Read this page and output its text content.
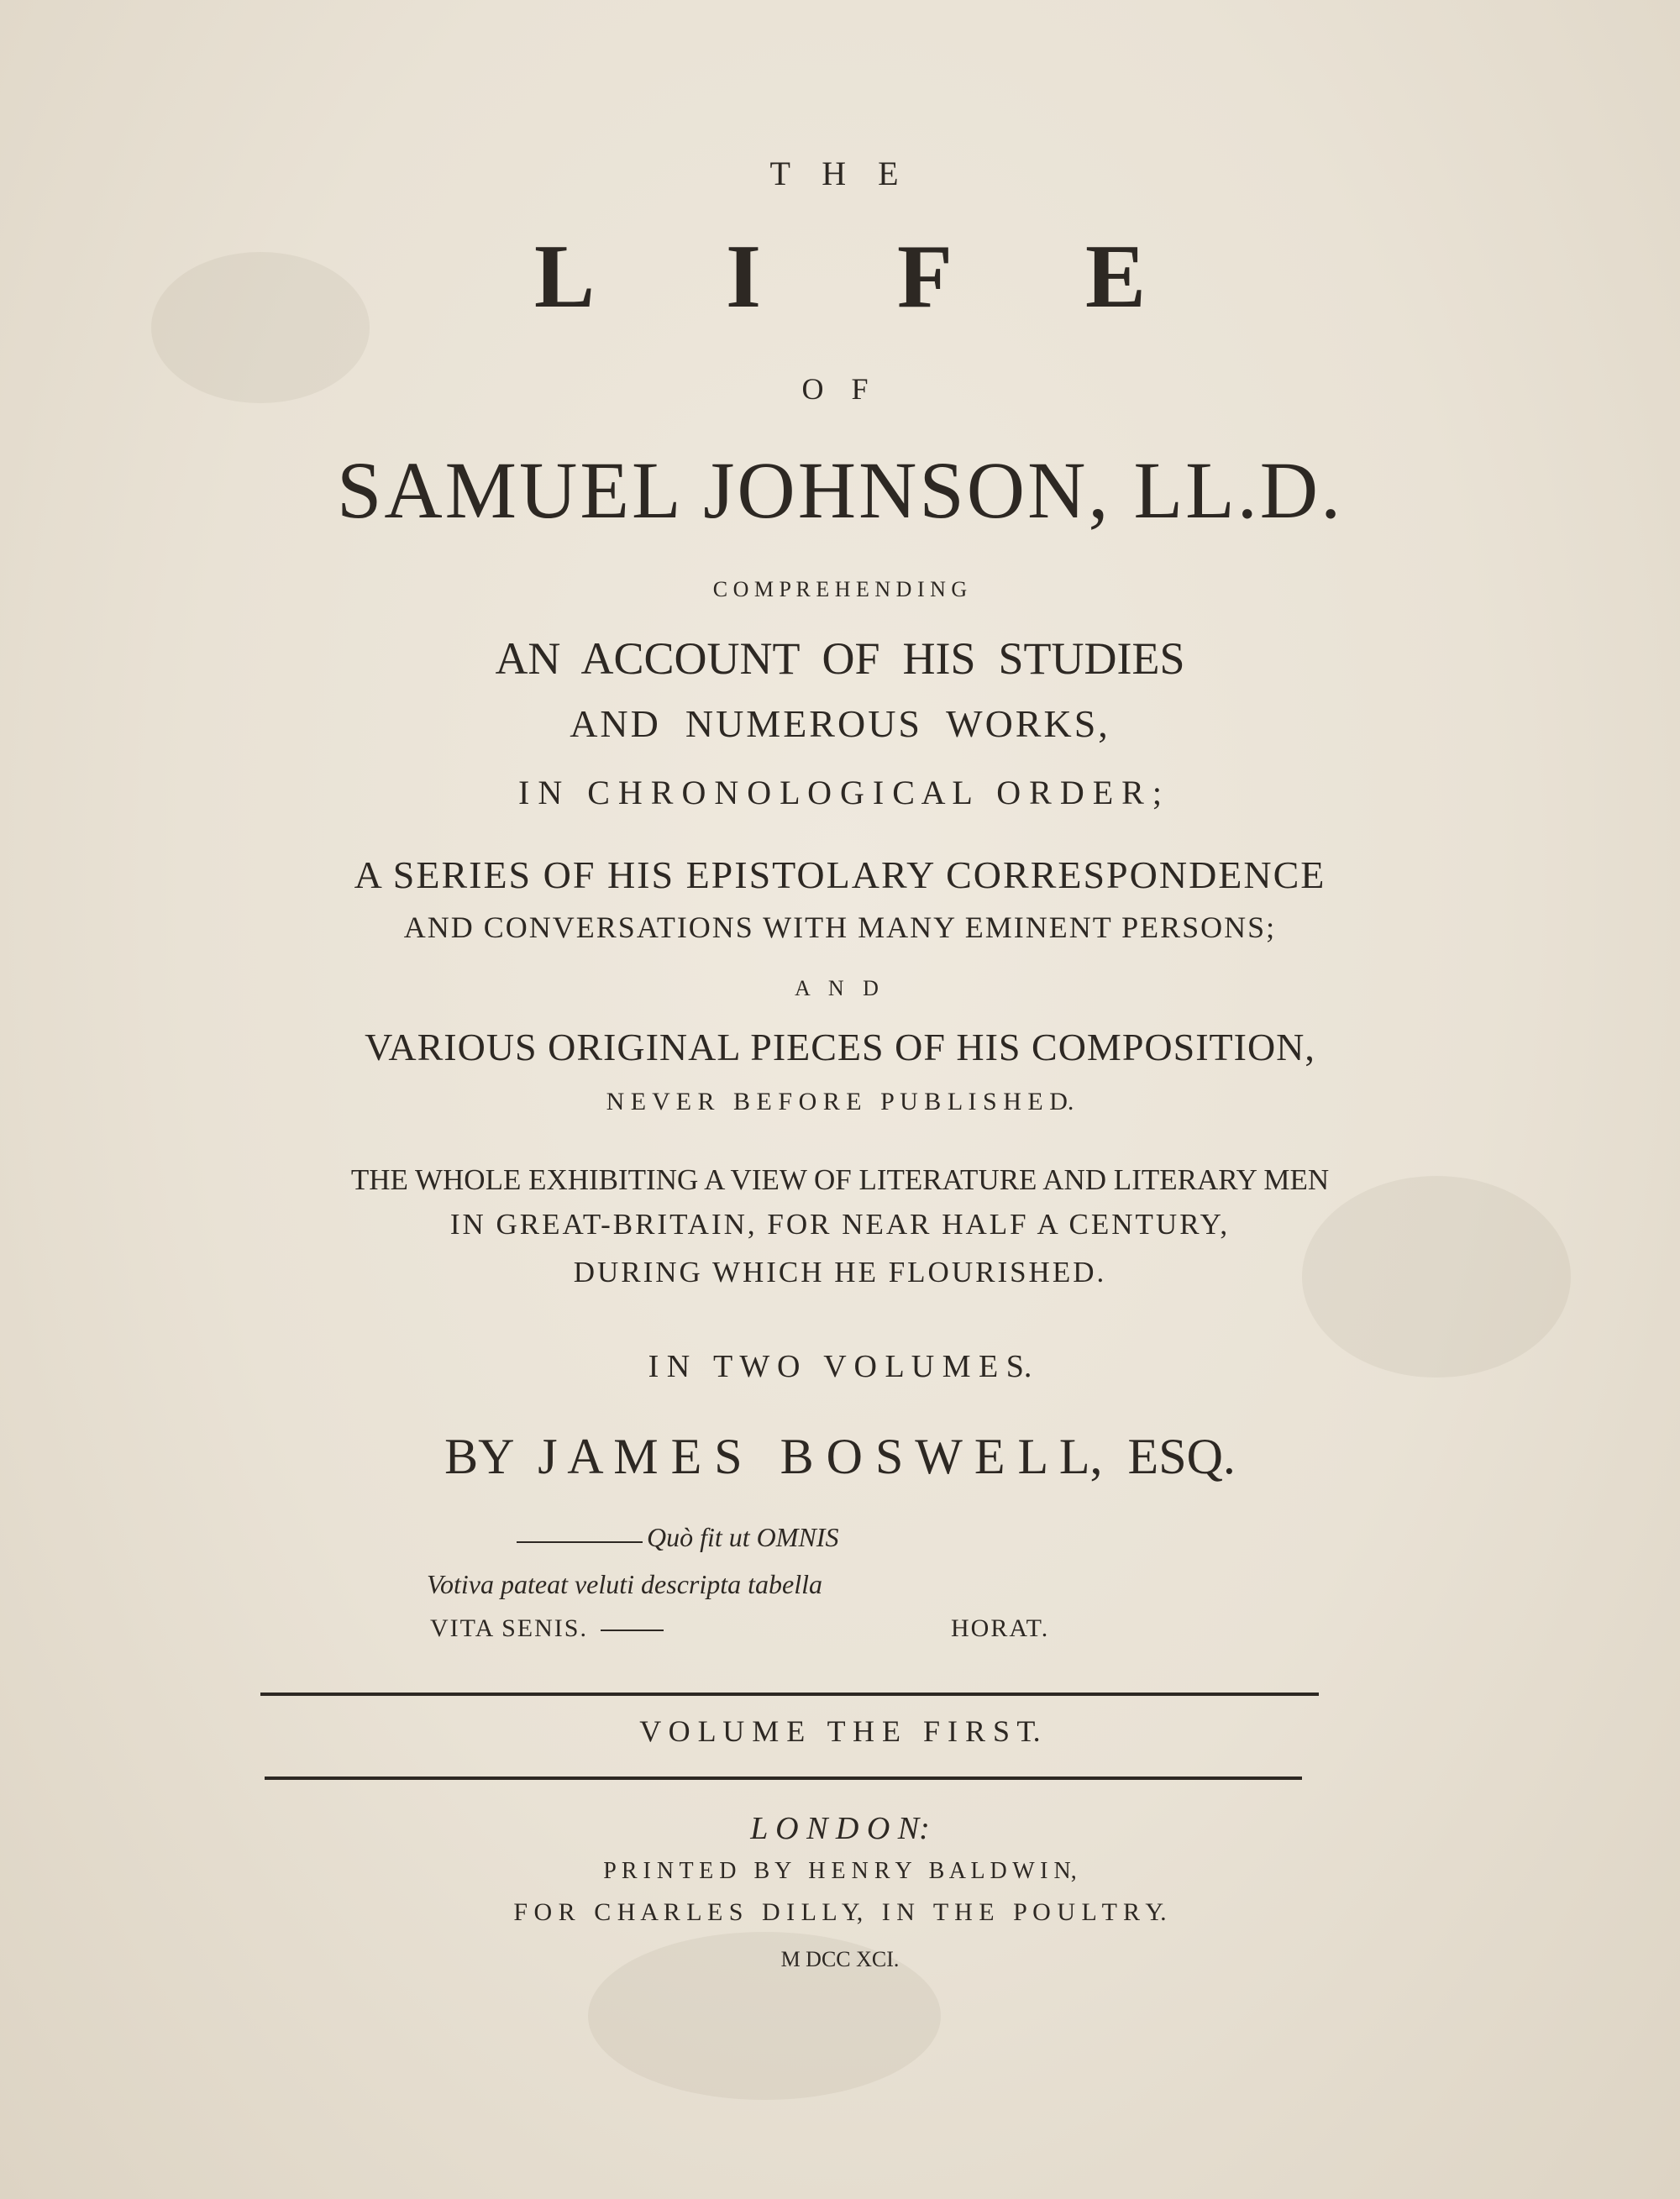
T H E
L      I      F      E
O F
SAMUEL JOHNSON, LL.D.
C O M P R E H E N D I N G
AN  ACCOUNT  OF  HIS  STUDIES
AND  NUMEROUS  WORKS,
I N   C H R O N O L O G I C A L   O R D E R ;
A SERIES OF HIS EPISTOLARY CORRESPONDENCE
AND CONVERSATIONS WITH MANY EMINENT PERSONS;
A N D
VARIOUS ORIGINAL PIECES OF HIS COMPOSITION,
N E V E R   B E F O R E   P U B L I S H E D.
THE WHOLE EXHIBITING A VIEW OF LITERATURE AND LITERARY MEN
IN GREAT-BRITAIN, FOR NEAR HALF A CENTURY,
DURING WHICH HE FLOURISHED.
I N   T W O   V O L U M E S.
BY  J A M E S   B O S W E L L,  ESQ.
Quò fit ut OMNIS
Votiva pateat veluti descripta tabella
VITA SENIS.	HORAT.
V O L U M E   T H E   F I R S T.
L O N D O N:
P R I N T E D   B Y   H E N R Y   B A L D W I N,
F O R   C H A R L E S   D I L L Y,   I N   T H E   P O U L T R Y.
M DCC XCI.
